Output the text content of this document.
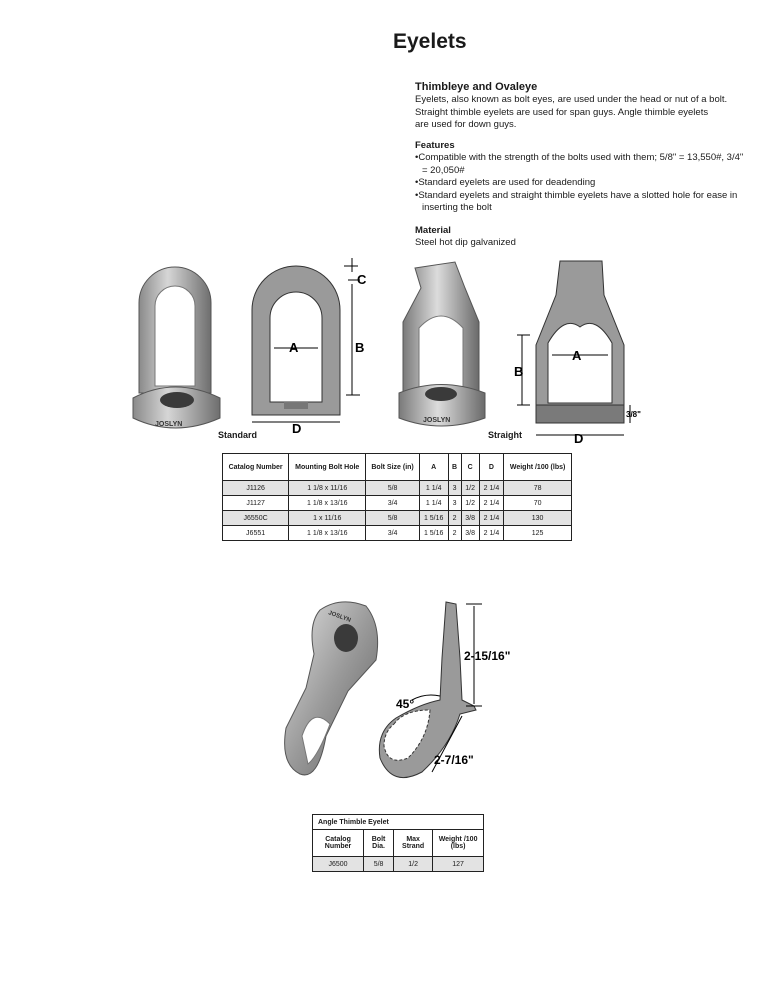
Eyelets
Thimbleye and Ovaleye
Eyelets, also known as bolt eyes, are used under the head or nut of a bolt.
Straight thimble eyelets are used for span guys. Angle thimble eyelets
are used for down guys.
Features
• Compatible with the strength of the bolts used with them; 5/8" = 13,550#, 3/4" = 20,050#
• Standard eyelets are used for deadending
• Standard eyelets and straight thimble eyelets have a slotted hole for ease in inserting the bolt
Material
Steel hot dip galvanized
JOSLYN
C
B
A
D
Standard
JOSLYN
B
A
D
3/8"
Straight
Catalog Number	Mounting Bolt Hole	Bolt Size (in)	A	B	C	D	Weight /100 (lbs)
J1126	1 1/8 x 11/16	5/8	1 1/4	3	1/2	2 1/4	78
J1127	1 1/8 x 13/16	3/4	1 1/4	3	1/2	2 1/4	70
J6550C	1 x 11/16	5/8	1 5/16	2	3/8	2 1/4	130
J6551	1 1/8 x 13/16	3/4	1 5/16	2	3/8	2 1/4	125
JOSLYN
2-15/16"
2-7/16"
45°
Angle Thimble Eyelet			
Catalog Number	Bolt Dia.	Max Strand	Weight /100 (lbs)
J6500	5/8	1/2	127
